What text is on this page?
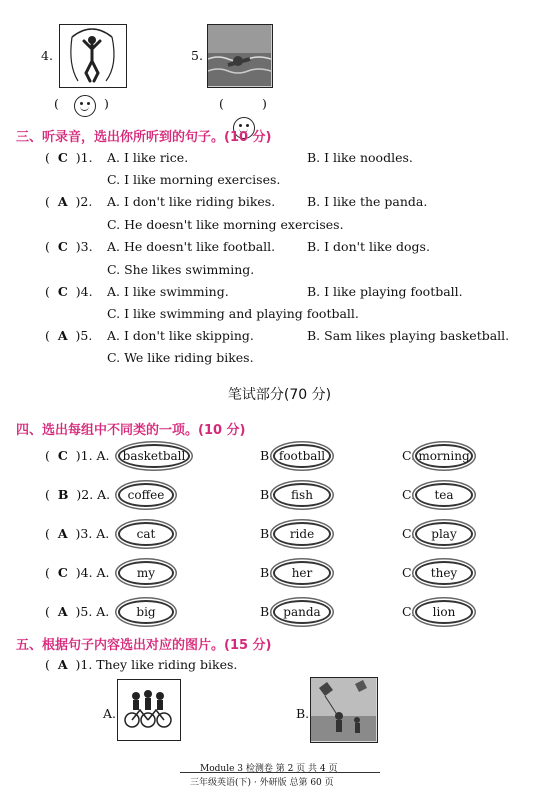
4.
(	)
5.
(	)
三、听录音，选出你所听到的句子。(10 分)
(  C )1. A. I like rice.	B. I like noodles.
C. I like morning exercises.
(  A )2. A. I don't like riding bikes.	B. I like the panda.
C. He doesn't like morning exercises.
(  C )3. A. He doesn't like football.	B. I don't like dogs.
C. She likes swimming.
(  C )4. A. I like swimming.	B. I like playing football.
C. I like swimming and playing football.
(  A )5. A. I don't like skipping.	B. Sam likes playing basketball.
C. We like riding bikes.
笔试部分(70 分)
四、选出每组中不同类的一项。(10 分)
(  C )1. A.	basketball	B. football	C. morning
(  B )2. A.	coffee	B.	fish	C.	tea
(  A )3. A.	cat	B.	ride	C.	play
(  C )4. A.	my	B.	her	C.	they
(  A )5. A.	big	B. panda	C.	lion
五、根据句子内容选出对应的图片。(15 分)
(  A )1. They like riding bikes.
A.	B.
Module 3 检测卷 第 2 页 共 4 页
三年级英语(下) · 外研版 总第 60 页
